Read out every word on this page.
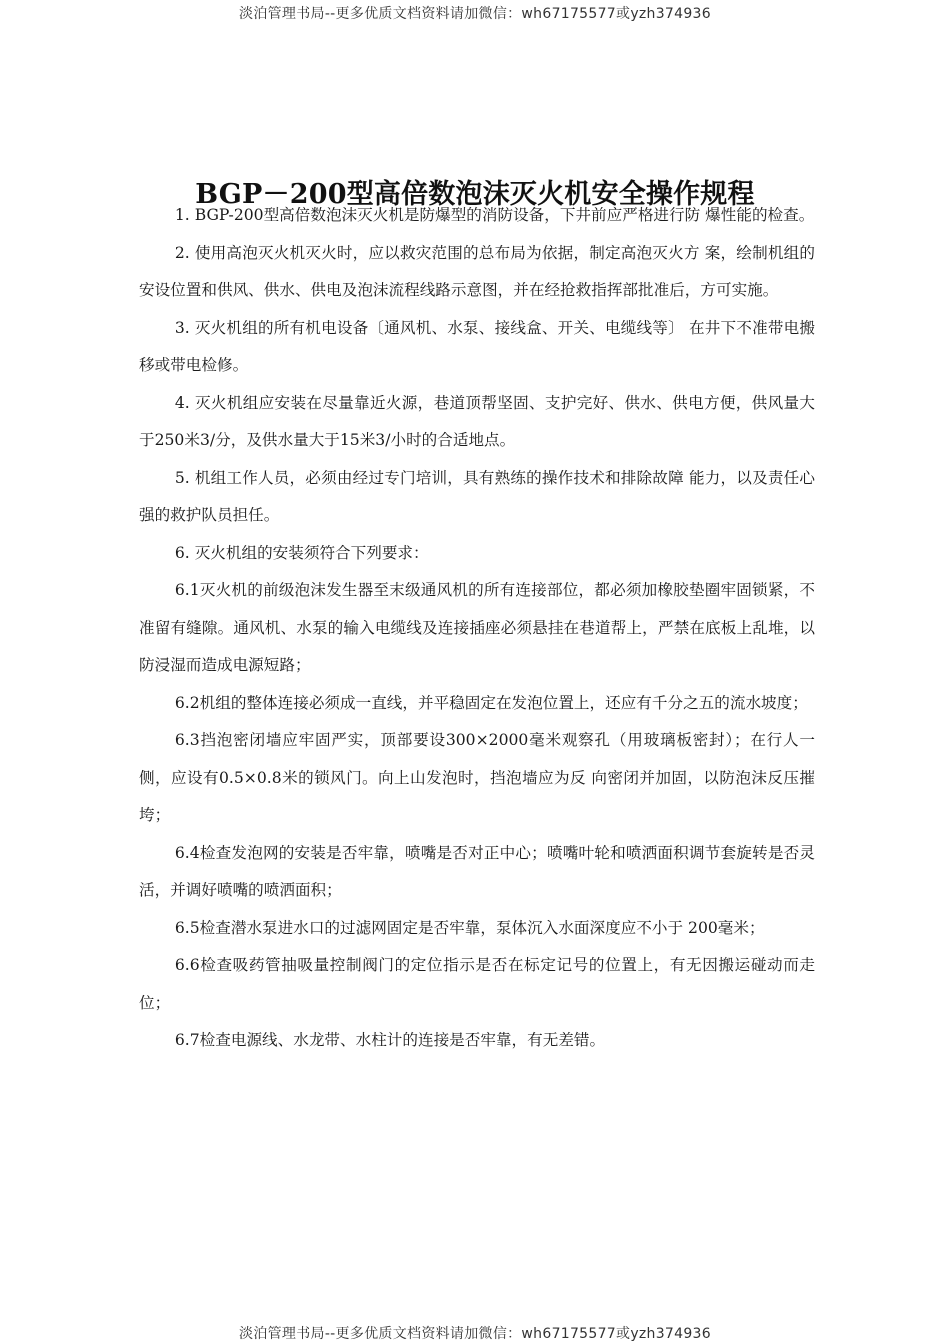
淡泊管理书局--更多优质文档资料请加微信：wh67175577或yzh374936
BGP－200型高倍数泡沫灭火机安全操作规程

1. BGP-200型高倍数泡沫灭火机是防爆型的消防设备，下井前应严格进行防 爆性能的检查。

2. 使用高泡灭火机灭火时，应以救灾范围的总布局为依据，制定高泡灭火方 案，绘制机组的安设位置和供风、供水、供电及泡沫流程线路示意图，并在经抢救指挥部批准后，方可实施。

3. 灭火机组的所有机电设备〔通风机、水泵、接线盒、开关、电缆线等〕 在井下不准带电搬移或带电检修。

4. 灭火机组应安装在尽量靠近火源，巷道顶帮坚固、支护完好、供水、供电方便，供风量大于250米3∕分，及供水量大于15米3∕小时的合适地点。

5. 机组工作人员，必须由经过专门培训，具有熟练的操作技术和排除故障 能力，以及责任心强的救护队员担任。

6. 灭火机组的安装须符合下列要求：

6.1灭火机的前级泡沫发生器至末级通风机的所有连接部位，都必须加橡胶垫圈牢固锁紧，不准留有缝隙。通风机、水泵的输入电缆线及连接插座必须悬挂在巷道帮上，严禁在底板上乱堆，以防浸湿而造成电源短路；

6.2机组的整体连接必须成一直线，并平稳固定在发泡位置上，还应有千分之五的流水坡度；

6.3挡泡密闭墙应牢固严实，顶部要设300×2000毫米观察孔（用玻璃板密封）；在行人一侧，应设有0.5×0.8米的锁风门。向上山发泡时，挡泡墙应为反 向密闭并加固，以防泡沫反压摧垮；

6.4检查发泡网的安装是否牢靠，喷嘴是否对正中心；喷嘴叶轮和喷洒面积调节套旋转是否灵活，并调好喷嘴的喷洒面积；

6.5检查潜水泵进水口的过滤网固定是否牢靠，泵体沉入水面深度应不小于 200毫米；

6.6检查吸药管抽吸量控制阀门的定位指示是否在标定记号的位置上，有无因搬运碰动而走位；

6.7检查电源线、水龙带、水柱计的连接是否牢靠，有无差错。

淡泊管理书局--更多优质文档资料请加微信：wh67175577或yzh374936
